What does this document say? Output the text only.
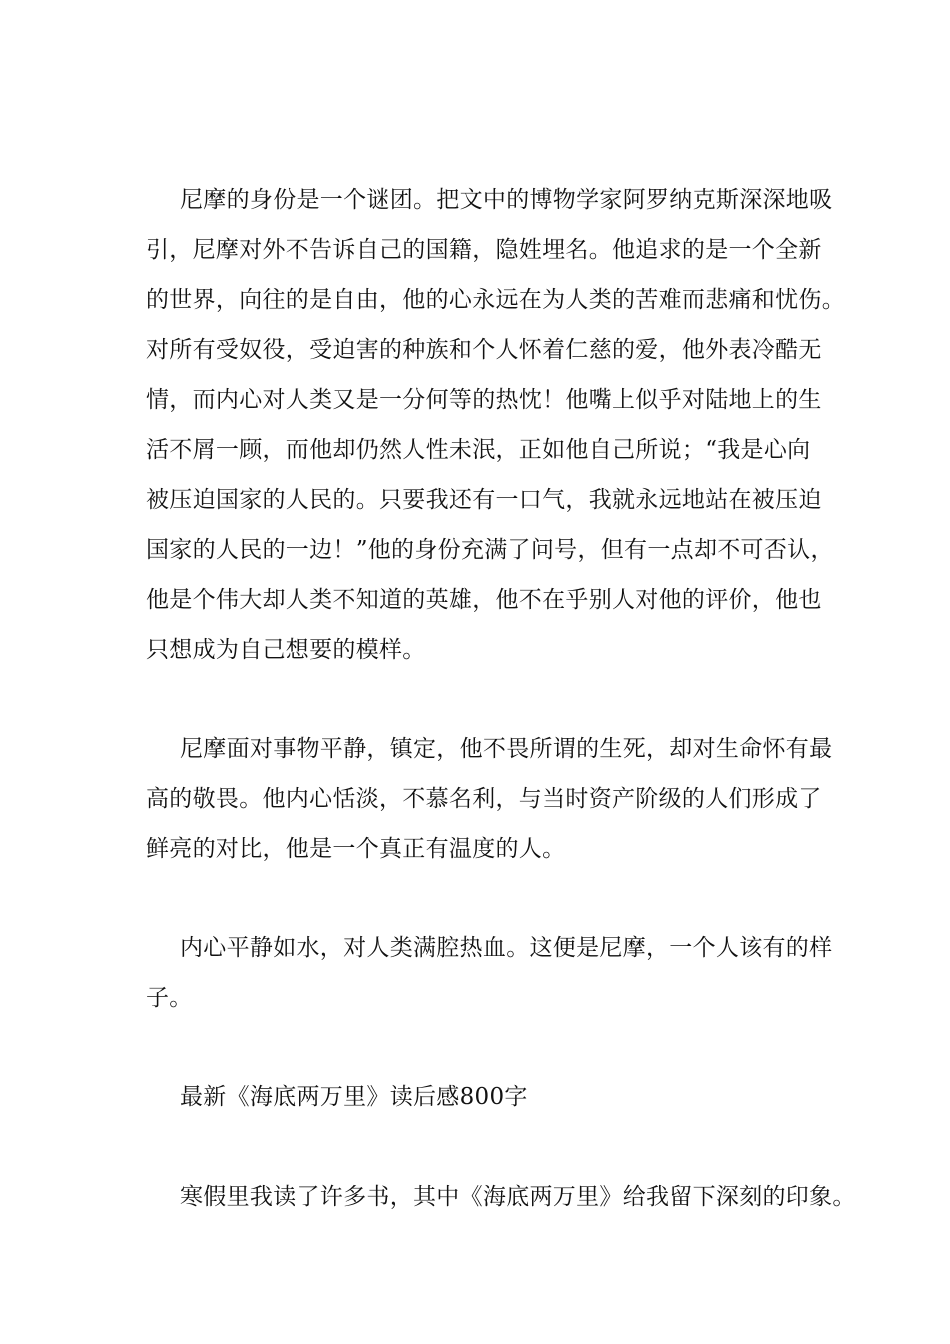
尼摩的身份是一个谜团。把文中的博物学家阿罗纳克斯深深地吸
引，尼摩对外不告诉自己的国籍，隐姓埋名。他追求的是一个全新
的世界，向往的是自由，他的心永远在为人类的苦难而悲痛和忧伤。
对所有受奴役，受迫害的种族和个人怀着仁慈的爱，他外表冷酷无
情，而内心对人类又是一分何等的热忱！他嘴上似乎对陆地上的生
活不屑一顾，而他却仍然人性未泯，正如他自己所说；“我是心向
被压迫国家的人民的。只要我还有一口气，我就永远地站在被压迫
国家的人民的一边！”他的身份充满了问号，但有一点却不可否认，
他是个伟大却人类不知道的英雄，他不在乎别人对他的评价，他也
只想成为自己想要的模样。
尼摩面对事物平静，镇定，他不畏所谓的生死，却对生命怀有最
高的敬畏。他内心恬淡，不慕名利，与当时资产阶级的人们形成了
鲜亮的对比，他是一个真正有温度的人。
内心平静如水，对人类满腔热血。这便是尼摩，一个人该有的样
子。
最新《海底两万里》读后感800字
寒假里我读了许多书，其中《海底两万里》给我留下深刻的印象。
